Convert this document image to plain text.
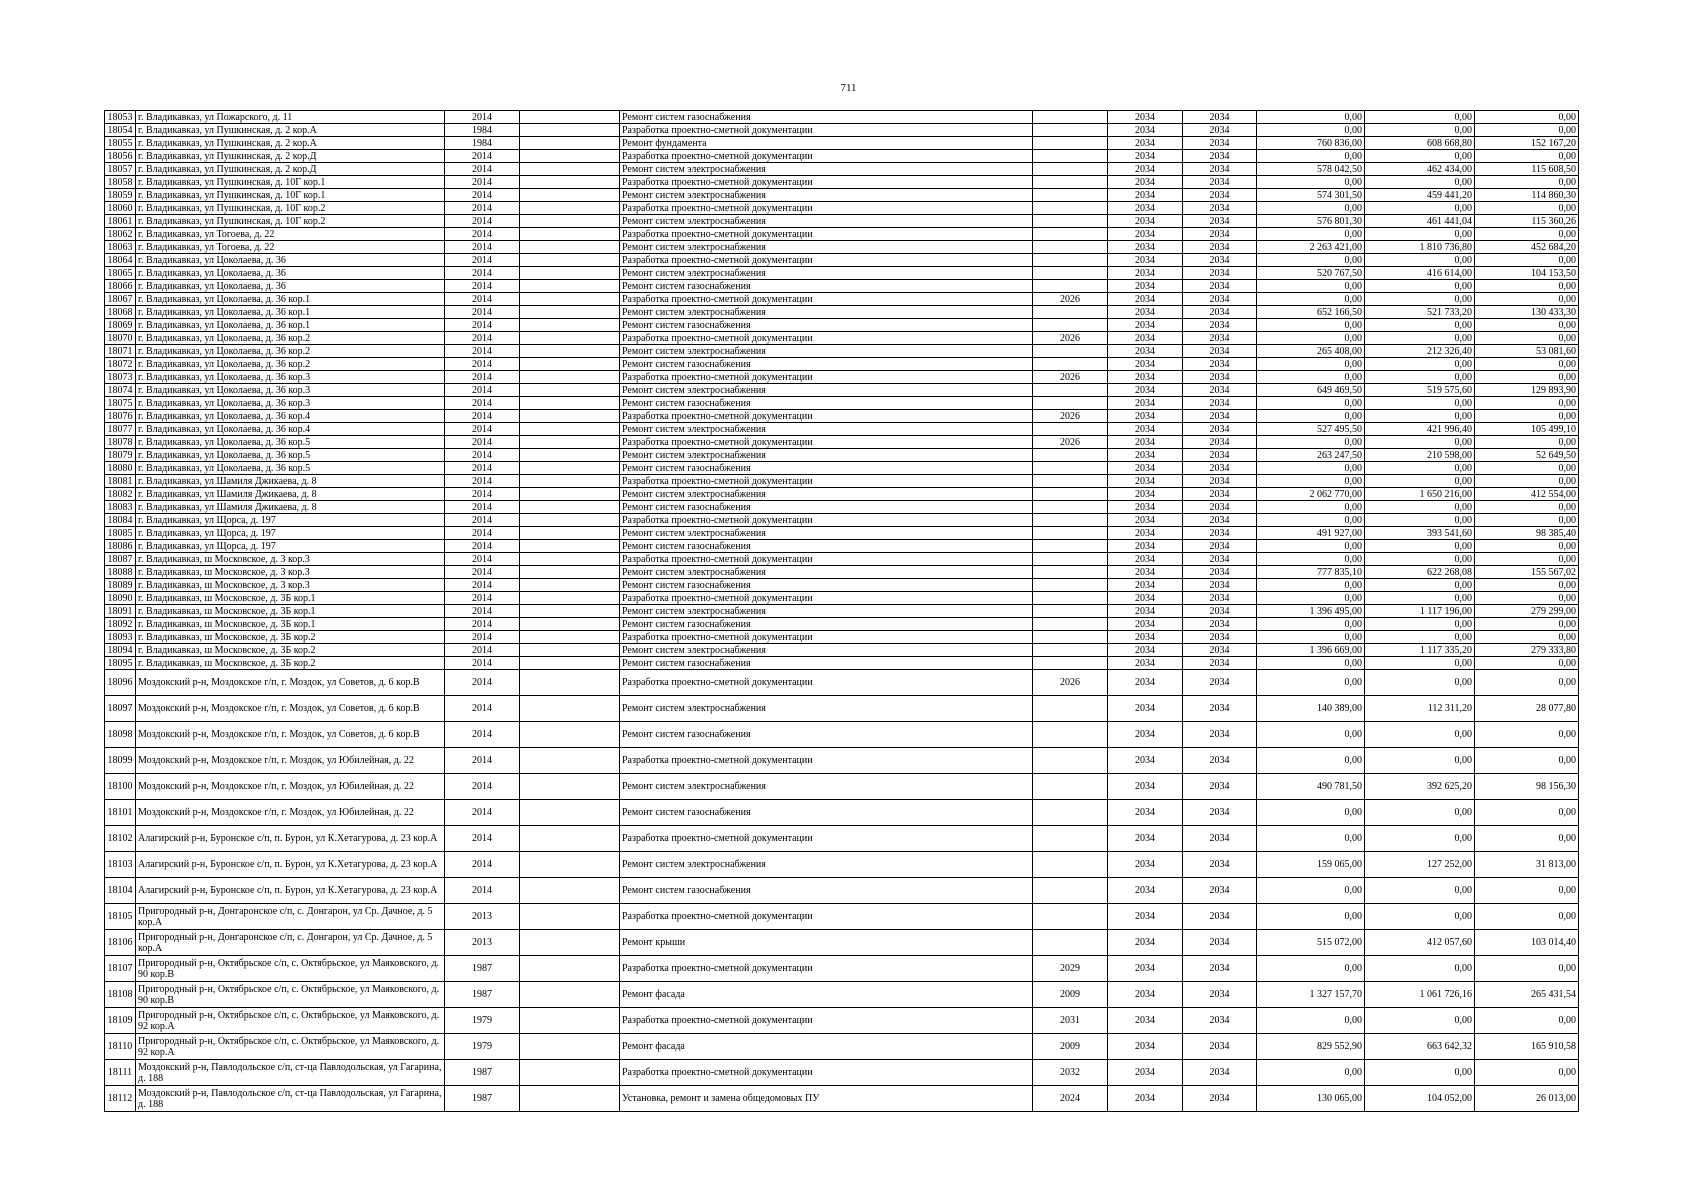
711
18053	г. Владикавказ, ул Пожарского, д. 11	2014		Ремонт систем газоснабжения		2034	2034	0,00	0,00	0,00
18054	г. Владикавказ, ул Пушкинская, д. 2 кор.А	1984		Разработка проектно-сметной документации		2034	2034	0,00	0,00	0,00
18055	г. Владикавказ, ул Пушкинская, д. 2 кор.А	1984		Ремонт фундамента		2034	2034	760 836,00	608 668,80	152 167,20
18056	г. Владикавказ, ул Пушкинская, д. 2 кор.Д	2014		Разработка проектно-сметной документации		2034	2034	0,00	0,00	0,00
18057	г. Владикавказ, ул Пушкинская, д. 2 кор.Д	2014		Ремонт систем электроснабжения		2034	2034	578 042,50	462 434,00	115 608,50
18058	г. Владикавказ, ул Пушкинская, д. 10Г кор.1	2014		Разработка проектно-сметной документации		2034	2034	0,00	0,00	0,00
18059	г. Владикавказ, ул Пушкинская, д. 10Г кор.1	2014		Ремонт систем электроснабжения		2034	2034	574 301,50	459 441,20	114 860,30
18060	г. Владикавказ, ул Пушкинская, д. 10Г кор.2	2014		Разработка проектно-сметной документации		2034	2034	0,00	0,00	0,00
18061	г. Владикавказ, ул Пушкинская, д. 10Г кор.2	2014		Ремонт систем электроснабжения		2034	2034	576 801,30	461 441,04	115 360,26
18062	г. Владикавказ, ул Тогоева, д. 22	2014		Разработка проектно-сметной документации		2034	2034	0,00	0,00	0,00
18063	г. Владикавказ, ул Тогоева, д. 22	2014		Ремонт систем электроснабжения		2034	2034	2 263 421,00	1 810 736,80	452 684,20
18064	г. Владикавказ, ул Цоколаева, д. 36	2014		Разработка проектно-сметной документации		2034	2034	0,00	0,00	0,00
18065	г. Владикавказ, ул Цоколаева, д. 36	2014		Ремонт систем электроснабжения		2034	2034	520 767,50	416 614,00	104 153,50
18066	г. Владикавказ, ул Цоколаева, д. 36	2014		Ремонт систем газоснабжения		2034	2034	0,00	0,00	0,00
18067	г. Владикавказ, ул Цоколаева, д. 36 кор.1	2014		Разработка проектно-сметной документации	2026	2034	2034	0,00	0,00	0,00
18068	г. Владикавказ, ул Цоколаева, д. 36 кор.1	2014		Ремонт систем электроснабжения		2034	2034	652 166,50	521 733,20	130 433,30
18069	г. Владикавказ, ул Цоколаева, д. 36 кор.1	2014		Ремонт систем газоснабжения		2034	2034	0,00	0,00	0,00
18070	г. Владикавказ, ул Цоколаева, д. 36 кор.2	2014		Разработка проектно-сметной документации	2026	2034	2034	0,00	0,00	0,00
18071	г. Владикавказ, ул Цоколаева, д. 36 кор.2	2014		Ремонт систем электроснабжения		2034	2034	265 408,00	212 326,40	53 081,60
18072	г. Владикавказ, ул Цоколаева, д. 36 кор.2	2014		Ремонт систем газоснабжения		2034	2034	0,00	0,00	0,00
18073	г. Владикавказ, ул Цоколаева, д. 36 кор.3	2014		Разработка проектно-сметной документации	2026	2034	2034	0,00	0,00	0,00
18074	г. Владикавказ, ул Цоколаева, д. 36 кор.3	2014		Ремонт систем электроснабжения		2034	2034	649 469,50	519 575,60	129 893,90
18075	г. Владикавказ, ул Цоколаева, д. 36 кор.3	2014		Ремонт систем газоснабжения		2034	2034	0,00	0,00	0,00
18076	г. Владикавказ, ул Цоколаева, д. 36 кор.4	2014		Разработка проектно-сметной документации	2026	2034	2034	0,00	0,00	0,00
18077	г. Владикавказ, ул Цоколаева, д. 36 кор.4	2014		Ремонт систем электроснабжения		2034	2034	527 495,50	421 996,40	105 499,10
18078	г. Владикавказ, ул Цоколаева, д. 36 кор.5	2014		Разработка проектно-сметной документации	2026	2034	2034	0,00	0,00	0,00
18079	г. Владикавказ, ул Цоколаева, д. 36 кор.5	2014		Ремонт систем электроснабжения		2034	2034	263 247,50	210 598,00	52 649,50
18080	г. Владикавказ, ул Цоколаева, д. 36 кор.5	2014		Ремонт систем газоснабжения		2034	2034	0,00	0,00	0,00
18081	г. Владикавказ, ул Шамиля Джикаева, д. 8	2014		Разработка проектно-сметной документации		2034	2034	0,00	0,00	0,00
18082	г. Владикавказ, ул Шамиля Джикаева, д. 8	2014		Ремонт систем электроснабжения		2034	2034	2 062 770,00	1 650 216,00	412 554,00
18083	г. Владикавказ, ул Шамиля Джикаева, д. 8	2014		Ремонт систем газоснабжения		2034	2034	0,00	0,00	0,00
18084	г. Владикавказ, ул Щорса, д. 197	2014		Разработка проектно-сметной документации		2034	2034	0,00	0,00	0,00
18085	г. Владикавказ, ул Щорса, д. 197	2014		Ремонт систем электроснабжения		2034	2034	491 927,00	393 541,60	98 385,40
18086	г. Владикавказ, ул Щорса, д. 197	2014		Ремонт систем газоснабжения		2034	2034	0,00	0,00	0,00
18087	г. Владикавказ, ш Московское, д. 3 кор.3	2014		Разработка проектно-сметной документации		2034	2034	0,00	0,00	0,00
18088	г. Владикавказ, ш Московское, д. 3 кор.3	2014		Ремонт систем электроснабжения		2034	2034	777 835,10	622 268,08	155 567,02
18089	г. Владикавказ, ш Московское, д. 3 кор.3	2014		Ремонт систем газоснабжения		2034	2034	0,00	0,00	0,00
18090	г. Владикавказ, ш Московское, д. 3Б кор.1	2014		Разработка проектно-сметной документации		2034	2034	0,00	0,00	0,00
18091	г. Владикавказ, ш Московское, д. 3Б кор.1	2014		Ремонт систем электроснабжения		2034	2034	1 396 495,00	1 117 196,00	279 299,00
18092	г. Владикавказ, ш Московское, д. 3Б кор.1	2014		Ремонт систем газоснабжения		2034	2034	0,00	0,00	0,00
18093	г. Владикавказ, ш Московское, д. 3Б кор.2	2014		Разработка проектно-сметной документации		2034	2034	0,00	0,00	0,00
18094	г. Владикавказ, ш Московское, д. 3Б кор.2	2014		Ремонт систем электроснабжения		2034	2034	1 396 669,00	1 117 335,20	279 333,80
18095	г. Владикавказ, ш Московское, д. 3Б кор.2	2014		Ремонт систем газоснабжения		2034	2034	0,00	0,00	0,00
18096	Моздокский р-н, Моздокское г/п, г. Моздок, ул Советов, д. 6 кор.В	2014		Разработка проектно-сметной документации	2026	2034	2034	0,00	0,00	0,00
18097	Моздокский р-н, Моздокское г/п, г. Моздок, ул Советов, д. 6 кор.В	2014		Ремонт систем электроснабжения		2034	2034	140 389,00	112 311,20	28 077,80
18098	Моздокский р-н, Моздокское г/п, г. Моздок, ул Советов, д. 6 кор.В	2014		Ремонт систем газоснабжения		2034	2034	0,00	0,00	0,00
18099	Моздокский р-н, Моздокское г/п, г. Моздок, ул Юбилейная, д. 22	2014		Разработка проектно-сметной документации		2034	2034	0,00	0,00	0,00
18100	Моздокский р-н, Моздокское г/п, г. Моздок, ул Юбилейная, д. 22	2014		Ремонт систем электроснабжения		2034	2034	490 781,50	392 625,20	98 156,30
18101	Моздокский р-н, Моздокское г/п, г. Моздок, ул Юбилейная, д. 22	2014		Ремонт систем газоснабжения		2034	2034	0,00	0,00	0,00
18102	Алагирский р-н, Буронское с/п, п. Бурон, ул К.Хетагурова, д. 23 кор.А	2014		Разработка проектно-сметной документации		2034	2034	0,00	0,00	0,00
18103	Алагирский р-н, Буронское с/п, п. Бурон, ул К.Хетагурова, д. 23 кор.А	2014		Ремонт систем электроснабжения		2034	2034	159 065,00	127 252,00	31 813,00
18104	Алагирский р-н, Буронское с/п, п. Бурон, ул К.Хетагурова, д. 23 кор.А	2014		Ремонт систем газоснабжения		2034	2034	0,00	0,00	0,00
18105	Пригородный р-н, Донгаронское с/п, с. Донгарон, ул Ср. Дачное, д. 5 кор.А	2013		Разработка проектно-сметной документации		2034	2034	0,00	0,00	0,00
18106	Пригородный р-н, Донгаронское с/п, с. Донгарон, ул Ср. Дачное, д. 5 кор.А	2013		Ремонт крыши		2034	2034	515 072,00	412 057,60	103 014,40
18107	Пригородный р-н, Октябрьское с/п, с. Октябрьское, ул Маяковского, д. 90 кор.В	1987		Разработка проектно-сметной документации	2029	2034	2034	0,00	0,00	0,00
18108	Пригородный р-н, Октябрьское с/п, с. Октябрьское, ул Маяковского, д. 90 кор.В	1987		Ремонт фасада	2009	2034	2034	1 327 157,70	1 061 726,16	265 431,54
18109	Пригородный р-н, Октябрьское с/п, с. Октябрьское, ул Маяковского, д. 92 кор.А	1979		Разработка проектно-сметной документации	2031	2034	2034	0,00	0,00	0,00
18110	Пригородный р-н, Октябрьское с/п, с. Октябрьское, ул Маяковского, д. 92 кор.А	1979		Ремонт фасада	2009	2034	2034	829 552,90	663 642,32	165 910,58
18111	Моздокский р-н, Павлодольское с/п, ст-ца Павлодольская, ул Гагарина, д. 188	1987		Разработка проектно-сметной документации	2032	2034	2034	0,00	0,00	0,00
18112	Моздокский р-н, Павлодольское с/п, ст-ца Павлодольская, ул Гагарина, д. 188	1987		Установка, ремонт и замена общедомовых ПУ	2024	2034	2034	130 065,00	104 052,00	26 013,00
